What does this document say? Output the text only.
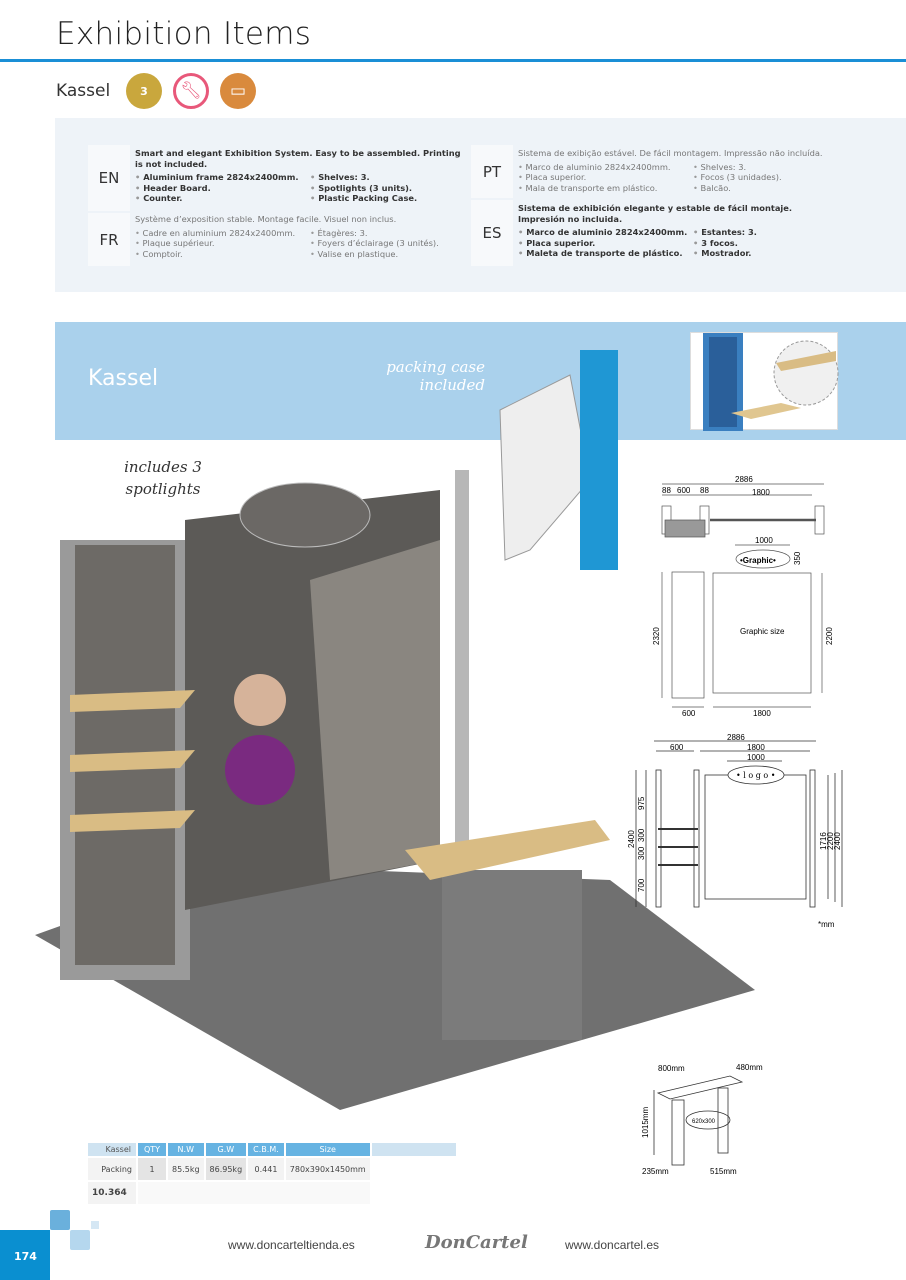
Exhibition Items
Kassel	3	🔧︎	▭
EN
Smart and elegant Exhibition System. Easy to be assembled. Printing is not included.
• Aluminium frame 2824x2400mm.	• Shelves: 3.
• Header Board.	• Spotlights (3 units).
• Counter.	• Plastic Packing Case.
FR
Système d’exposition stable. Montage facile. Visuel non inclus.
• Cadre en aluminium 2824x2400mm.	• Étagères: 3.
• Plaque supérieur.	• Foyers d’éclairage (3 unités).
• Comptoir.	• Valise en plastique.
PT
Sistema de exibição estável. De fácil montagem. Impressão não incluída.
• Marco de aluminio 2824x2400mm.	• Shelves: 3.
• Placa superior.	• Focos (3 unidades).
• Mala de transporte em plástico.	• Balcão.
ES
Sistema de exhibición elegante y estable de fácil montaje. Impresión no incluida.
• Marco de aluminio 2824x2400mm.	• Estantes: 3.
• Placa superior.	• 3 focos.
• Maleta de transporte de plástico.	• Mostrador.
Kassel	packing case included
includes 3 spotlights
2886
88 600 88	1800
1000
•Graphic• 350
2320	2200
Graphic size
600	1800
2886
600	1800
1000
• l o g o •
975
300
300
700
2400	1716
2200
2400
*mm
800mm	480mm
1015mm
235mm	515mm
620x300
Kassel	QTY	N.W	G.W	C.B.M.	Size	
Packing	1	85.5kg	86.95kg	0.441	780x390x1450mm	
10.364						
174
www.doncarteltienda.es	DonCartel	www.doncartel.es
